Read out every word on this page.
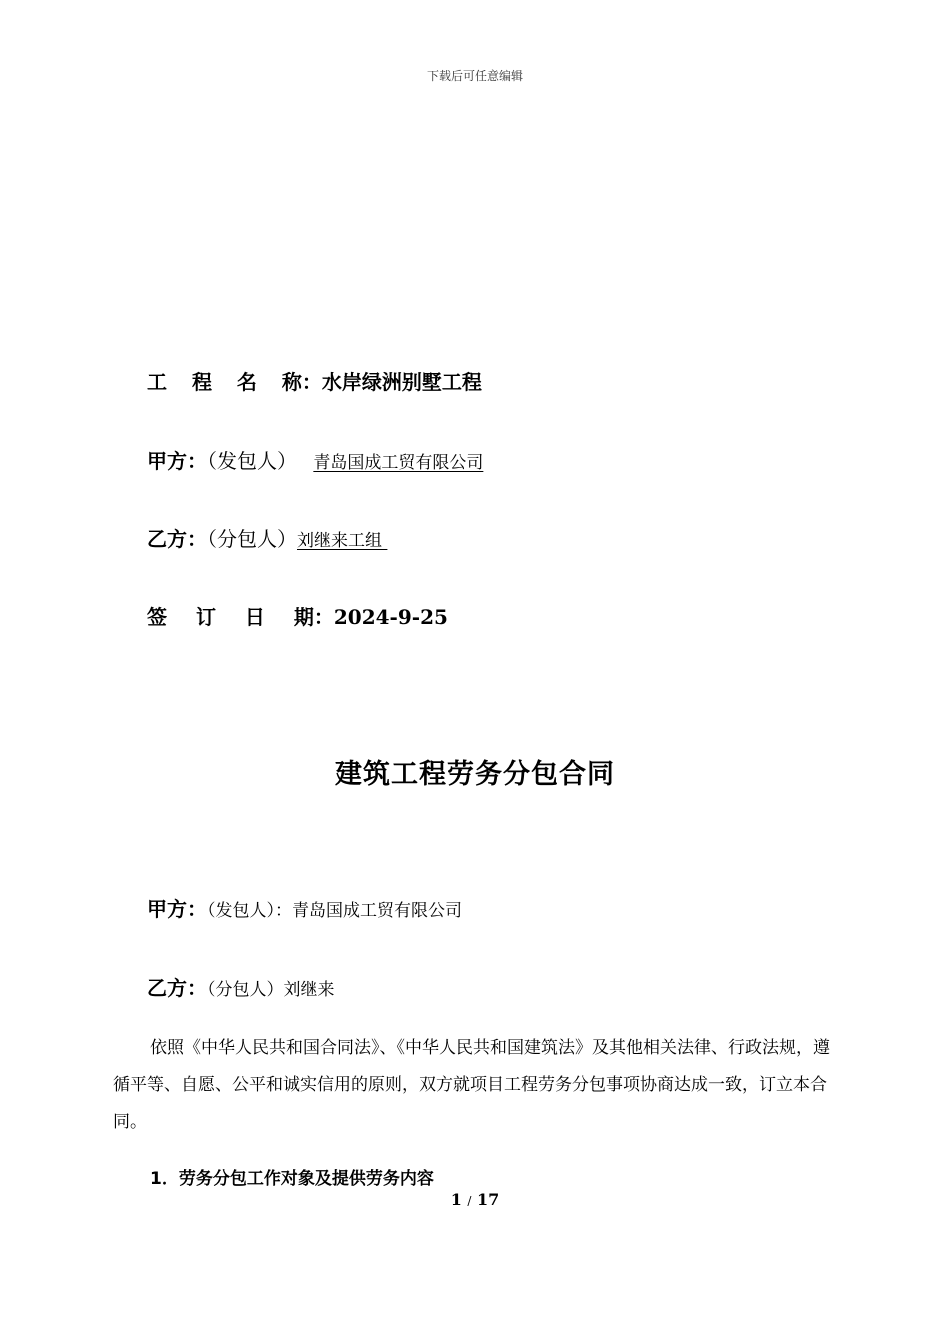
下载后可任意编辑
工 程 名 称：水岸绿洲别墅工程
甲方：（发包人） 青岛国成工贸有限公司
乙方：（分包人）刘继来工组
签 订 日 期：2024-9-25
建筑工程劳务分包合同
甲方：（发包人）：青岛国成工贸有限公司
乙方：（分包人）刘继来

依照《中华人民共和国合同法》、《中华人民共和国建筑法》及其他相关法律、行政法规，遵循平等、自愿、公平和诚实信用的原则，双方就项目工程劳务分包事项协商达成一致，订立本合同。

1．劳务分包工作对象及提供劳务内容
1 / 17
